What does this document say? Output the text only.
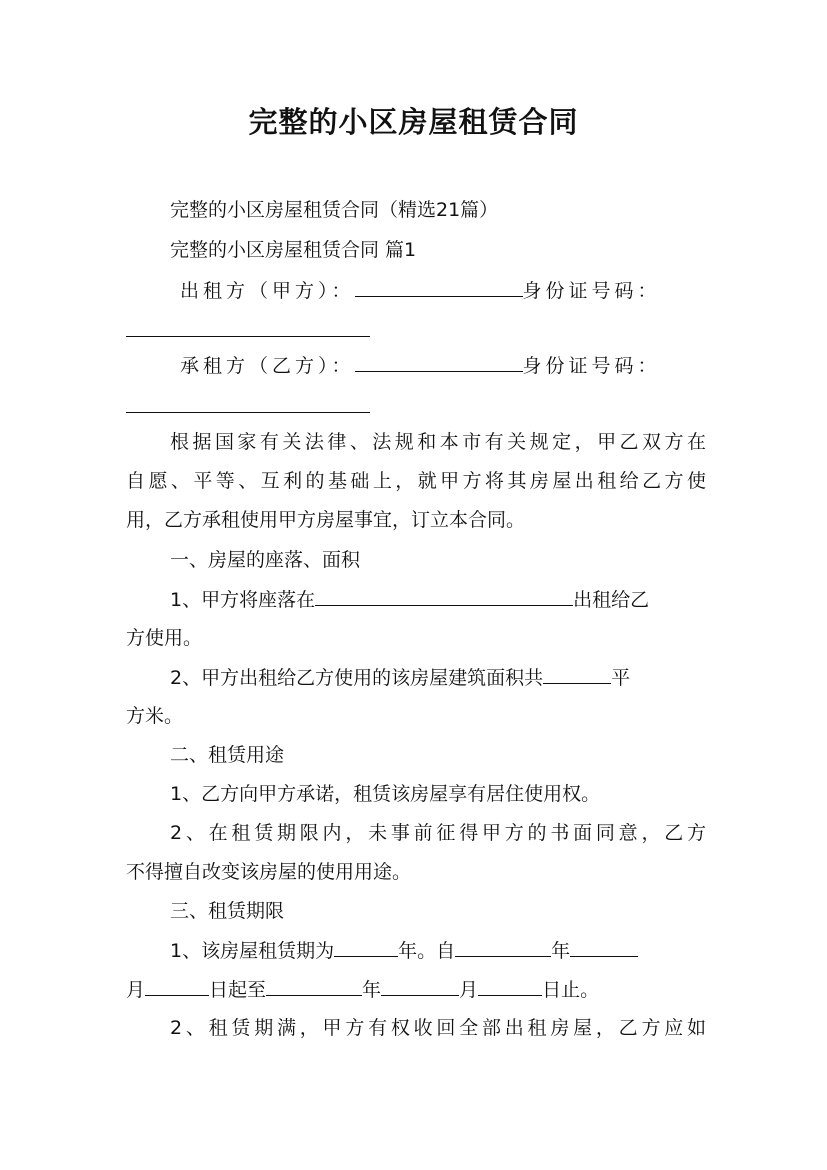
完整的小区房屋租赁合同
完整的小区房屋租赁合同（精选21篇）
完整的小区房屋租赁合同 篇1
出租方（甲方）：	身份证号码：
承租方（乙方）：	身份证号码：
根据国家有关法律、法规和本市有关规定，甲乙双方在
自愿、平等、互利的基础上，就甲方将其房屋出租给乙方使
用，乙方承租使用甲方房屋事宜，订立本合同。
一、房屋的座落、面积
1、甲方将座落在	出租给乙
方使用。
2、甲方出租给乙方使用的该房屋建筑面积共	平
方米。
二、租赁用途
1、乙方向甲方承诺，租赁该房屋享有居住使用权。
2、在租赁期限内，未事前征得甲方的书面同意，乙方
不得擅自改变该房屋的使用用途。
三、租赁期限
1、该房屋租赁期为	年。自	年
月	日起至	年	月	日止。
2、租赁期满，甲方有权收回全部出租房屋，乙方应如
